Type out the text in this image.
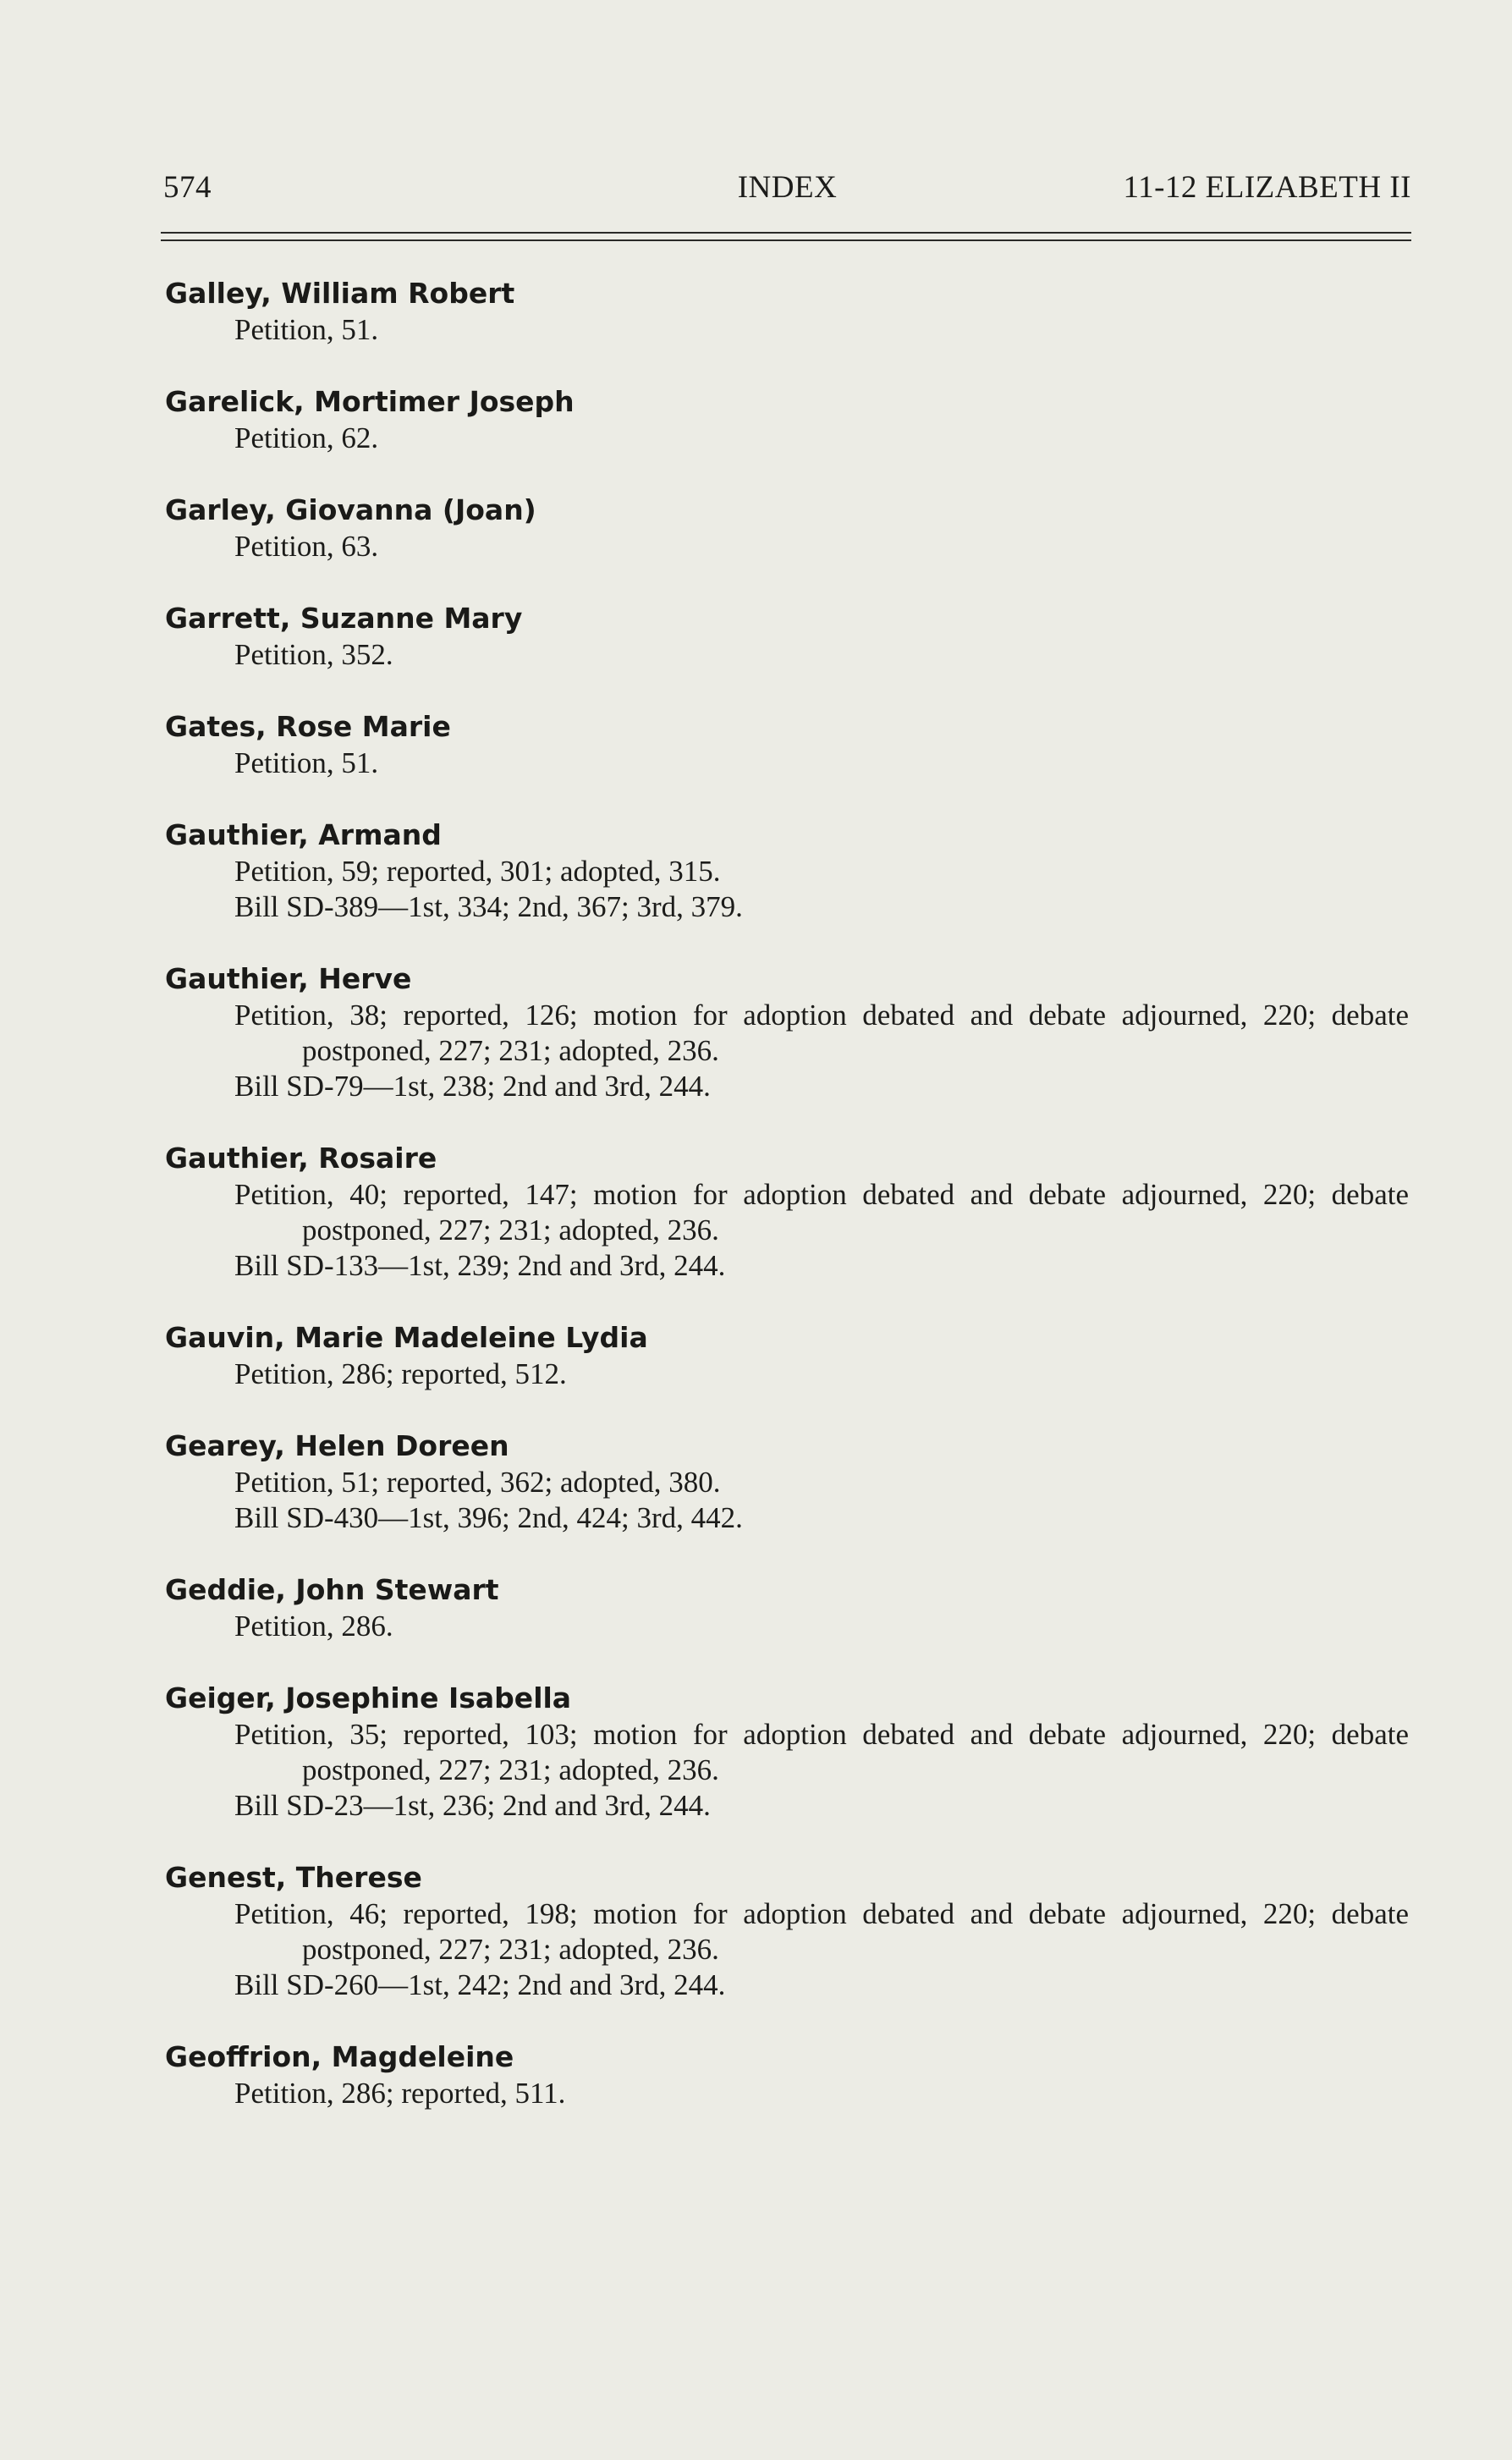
574	INDEX	11-12 ELIZABETH II
Galley, William Robert
Petition, 51.
Garelick, Mortimer Joseph
Petition, 62.
Garley, Giovanna (Joan)
Petition, 63.
Garrett, Suzanne Mary
Petition, 352.
Gates, Rose Marie
Petition, 51.
Gauthier, Armand
Petition, 59; reported, 301; adopted, 315.
Bill SD-389—1st, 334; 2nd, 367; 3rd, 379.
Gauthier, Herve
Petition, 38; reported, 126; motion for adoption debated and debate adjourned, 220; debate postponed, 227; 231; adopted, 236.
Bill SD-79—1st, 238; 2nd and 3rd, 244.
Gauthier, Rosaire
Petition, 40; reported, 147; motion for adoption debated and debate adjourned, 220; debate postponed, 227; 231; adopted, 236.
Bill SD-133—1st, 239; 2nd and 3rd, 244.
Gauvin, Marie Madeleine Lydia
Petition, 286; reported, 512.
Gearey, Helen Doreen
Petition, 51; reported, 362; adopted, 380.
Bill SD-430—1st, 396; 2nd, 424; 3rd, 442.
Geddie, John Stewart
Petition, 286.
Geiger, Josephine Isabella
Petition, 35; reported, 103; motion for adoption debated and debate adjourned, 220; debate postponed, 227; 231; adopted, 236.
Bill SD-23—1st, 236; 2nd and 3rd, 244.
Genest, Therese
Petition, 46; reported, 198; motion for adoption debated and debate adjourned, 220; debate postponed, 227; 231; adopted, 236.
Bill SD-260—1st, 242; 2nd and 3rd, 244.
Geoffrion, Magdeleine
Petition, 286; reported, 511.
